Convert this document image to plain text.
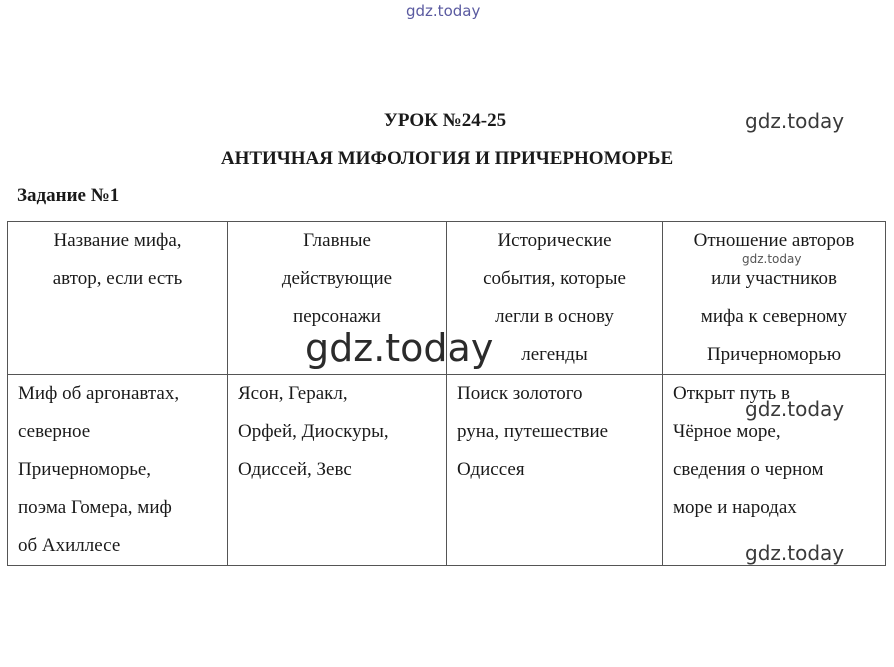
gdz.today
УРОК №24-25
АНТИЧНАЯ МИФОЛОГИЯ И ПРИЧЕРНОМОРЬЕ
Задание №1
Название мифа,
автор, если есть	Главные
действующие
персонажи	Исторические
события, которые
легли в основу
легенды	Отношение авторов
или участников
мифа к северному
Причерноморью

Миф об аргонавтах,
северное
Причерноморье,
поэма Гомера, миф
об Ахиллесе	Ясон, Геракл,
Орфей, Диоскуры,
Одиссей, Зевс	Поиск золотого
руна, путешествие
Одиссея	Открыт путь в
Чёрное море,
сведения о черном
море и народах
gdz.today
gdz.today
gdz.today
gdz.today
gdz.today
